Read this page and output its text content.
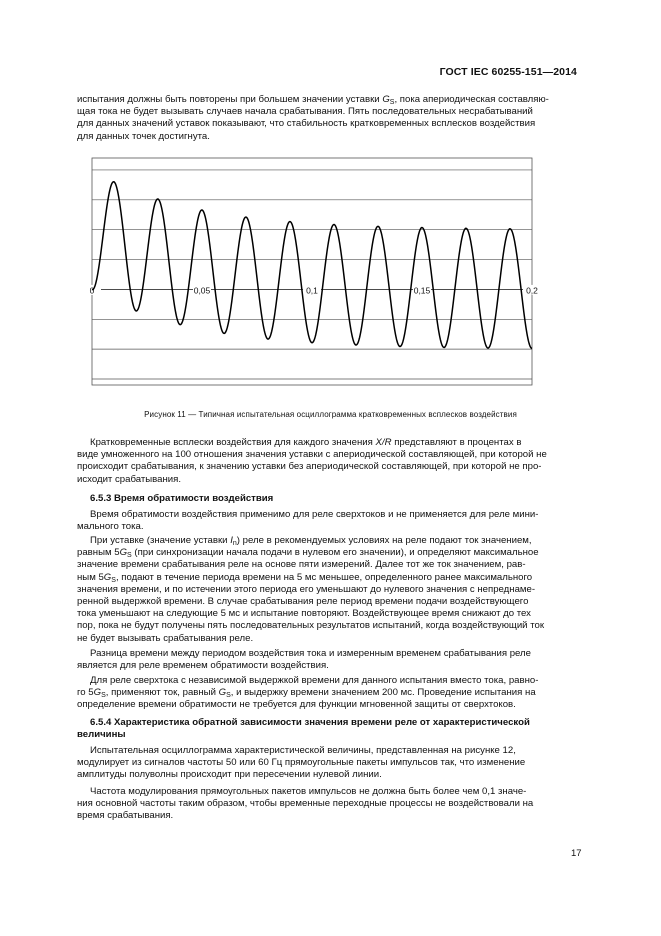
ГОСТ IEC 60255-151—2014
испытания должны быть повторены при большем значении уставки $G_S$, пока апериодическая составляю-
щая тока не будет вызывать случаев начала срабатывания. Пять последовательных несрабатываний
для данных значений уставок показывают, что стабильность кратковременных всплесков воздействия
для данных точек достигнута.
0	0,05	0,1	0,15	0,2
Рисунок 11 — Типичная испытательная осциллограмма кратковременных всплесков воздействия
Кратковременные всплески воздействия для каждого значения X/R представляют в процентах в
виде умноженного на 100 отношения значения уставки с апериодической составляющей, при которой не
происходит срабатывания, к значению уставки без апериодической составляющей, при которой не про-
исходит срабатывания.
6.5.3 Время обратимости воздействия
Время обратимости воздействия применимо для реле сверхтоков и не применяется для реле мини-
мального тока.
При уставке (значение уставки $I_n$) реле в рекомендуемых условиях на реле подают ток значением,
равным $5G_S$ (при синхронизации начала подачи в нулевом его значении), и определяют максимальное
значение времени срабатывания реле на основе пяти измерений. Далее тот же ток значением, рав-
ным $5G_S$, подают в течение периода времени на 5 мс меньшее, определенного ранее максимального
значения времени, и по истечении этого периода его уменьшают до нулевого значения с непреднаме-
ренной выдержкой времени. В случае срабатывания реле период времени подачи воздействующего
тока уменьшают на следующие 5 мс и испытание повторяют. Воздействующее время снижают до тех
пор, пока не будут получены пять последовательных результатов испытаний, когда воздействующий ток
не будет вызывать срабатывания реле.
Разница времени между периодом воздействия тока и измеренным временем срабатывания реле
является для реле временем обратимости воздействия.
Для реле сверхтока с независимой выдержкой времени для данного испытания вместо тока, равно-
го $5G_S$, применяют ток, равный $G_S$, и выдержку времени значением 200 мс. Проведение испытания на
определение времени обратимости не требуется для функции мгновенной защиты от сверхтоков.
6.5.4 Характеристика обратной зависимости значения времени реле от характеристической
величины
Испытательная осциллограмма характеристической величины, представленная на рисунке 12,
модулирует из сигналов частоты 50 или 60 Гц прямоугольные пакеты импульсов так, что изменение
амплитуды полуволны происходит при пересечении нулевой линии.
Частота модулирования прямоугольных пакетов импульсов не должна быть более чем 0,1 значе-
ния основной частоты таким образом, чтобы временные переходные процессы не воздействовали на
время срабатывания.
17
